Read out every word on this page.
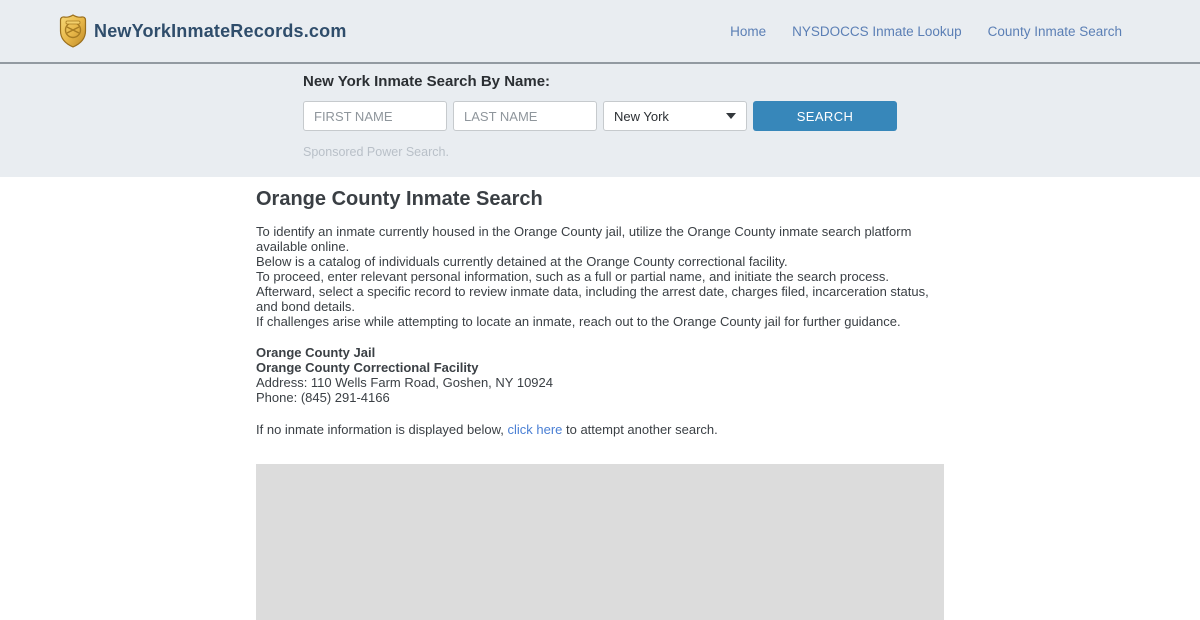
NewYorkInmateRecords.com	Home NYSDOCCS Inmate Lookup County Inmate Search
New York Inmate Search By Name:
FIRST NAME
LAST NAME
New York	SEARCH
Sponsored Power Search.
Orange County Inmate Search
To identify an inmate currently housed in the Orange County jail, utilize the Orange County inmate search platform available online.
Below is a catalog of individuals currently detained at the Orange County correctional facility.
To proceed, enter relevant personal information, such as a full or partial name, and initiate the search process.
Afterward, select a specific record to review inmate data, including the arrest date, charges filed, incarceration status, and bond details.
If challenges arise while attempting to locate an inmate, reach out to the Orange County jail for further guidance.
Orange County Jail
Orange County Correctional Facility
Address: 110 Wells Farm Road, Goshen, NY 10924
Phone: (845) 291-4166
If no inmate information is displayed below, click here to attempt another search.
